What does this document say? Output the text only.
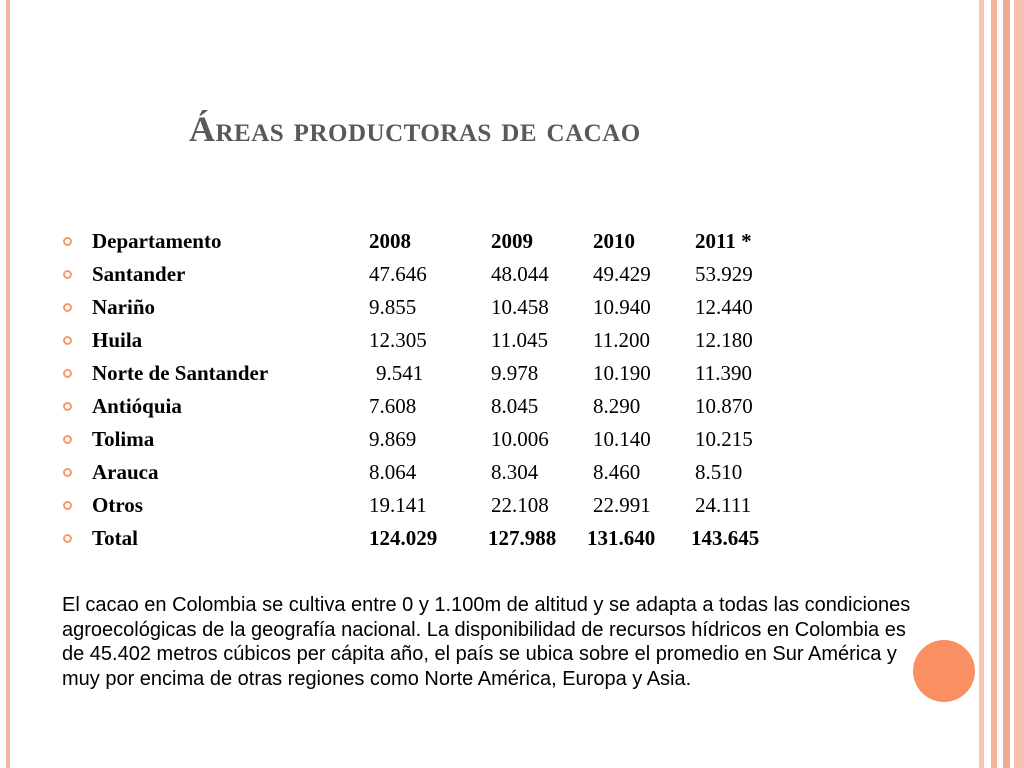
Áreas productoras de cacao
Departamento	2008	2009	2010	2011 *
Santander	47.646	48.044 49.429 53.929
Nariño	9.855	10.458 10.940 12.440
Huila	12.305	11.045 11.200 12.180
Norte de Santander	9.541	9.978	10.190 11.390
Antióquia	7.608	8.045	8.290	10.870
Tolima	9.869	10.006 10.140 10.215
Arauca	8.064	8.304	8.460	8.510
Otros	19.141	22.108 22.991 24.111
Total	124.029 127.988 131.640 143.645

El cacao en Colombia se cultiva entre 0 y 1.100m de altitud y se adapta a todas las condiciones agroecológicas de la geografía nacional. La disponibilidad de recursos hídricos en Colombia es de 45.402 metros cúbicos per cápita año, el país se ubica sobre el promedio en Sur América y muy por encima de otras regiones como Norte América, Europa y Asia.
